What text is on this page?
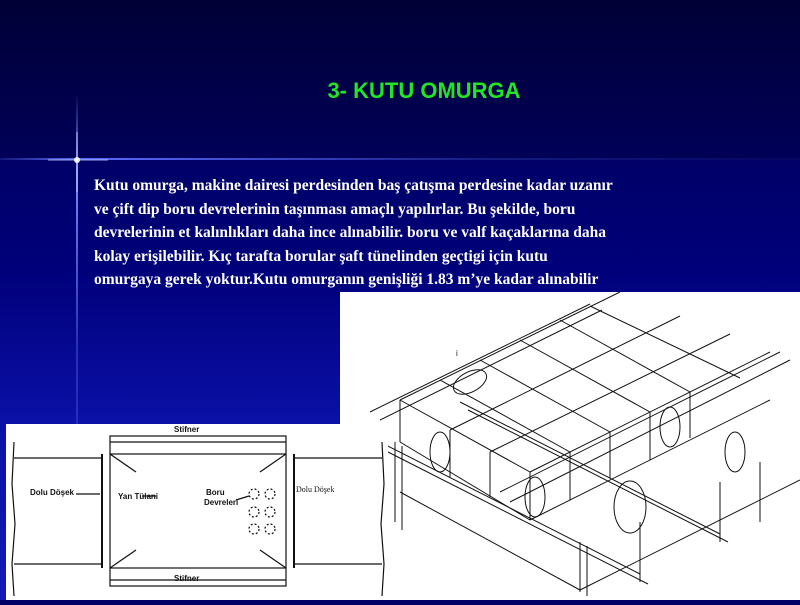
3- KUTU OMURGA
Kutu omurga, makine dairesi perdesinden baş çatışma perdesine kadar uzanır
ve çift dip boru devrelerinin taşınması amaçlı yapılırlar. Bu şekilde, boru
devrelerinin et kalınlıkları daha ince alınabilir. boru ve valf kaçaklarına daha
kolay erişilebilir. Kıç tarafta borular şaft tünelinden geçtigi için kutu
omurgaya gerek yoktur.Kutu omurganın genişliği 1.83 m’ye kadar alınabilir
i
Stifner
Stifner
Dolu Döşek	Yan Tülani	Boru
Devreleri
Dolu Döşek
